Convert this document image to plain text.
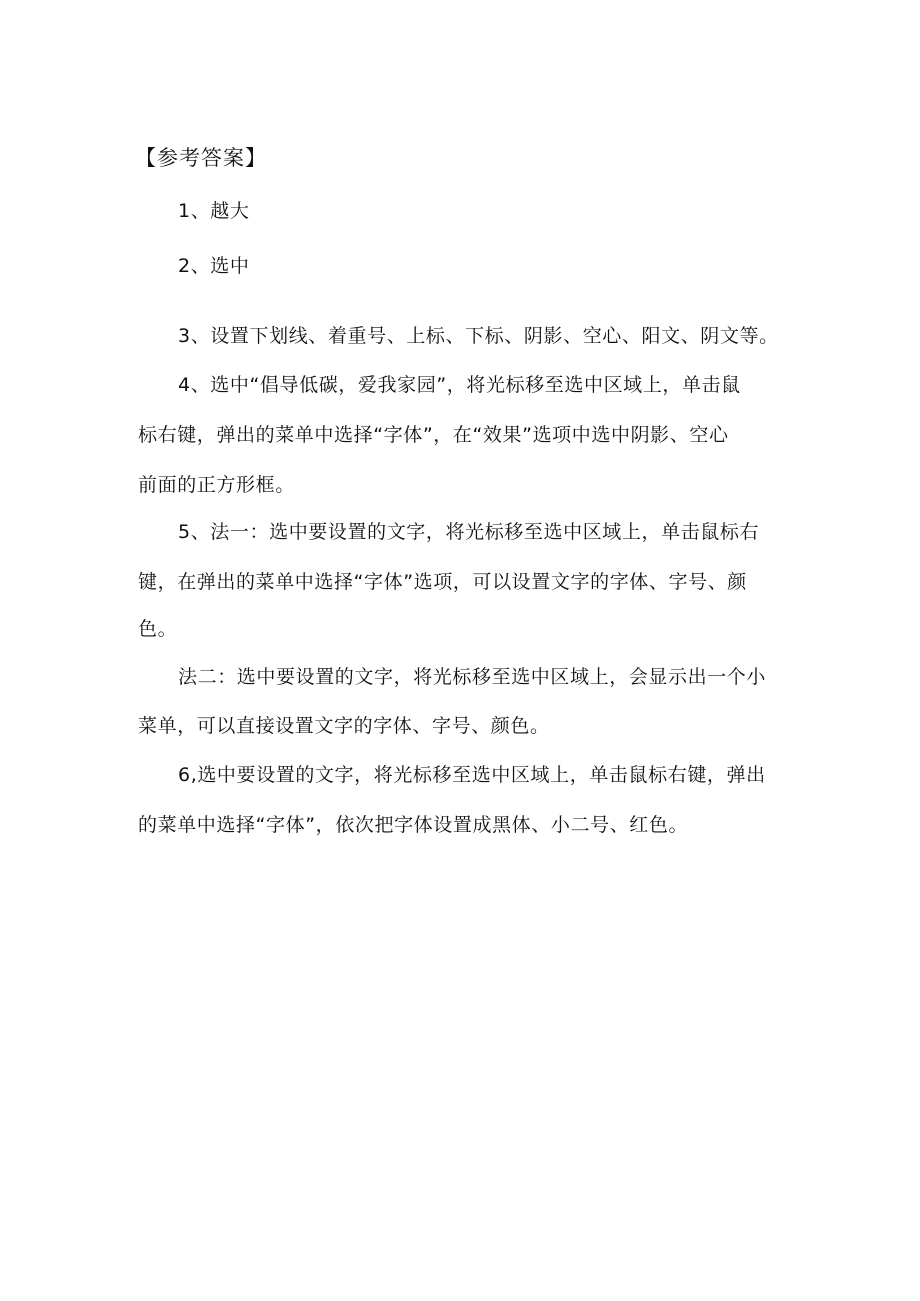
【参考答案】
1、越大
2、选中
3、设置下划线、着重号、上标、下标、阴影、空心、阳文、阴文等。
4、选中“倡导低碳，爱我家园”，将光标移至选中区域上，单击鼠
标右键，弹出的菜单中选择“字体”，在“效果”选项中选中阴影、空心
前面的正方形框。
5、法一：选中要设置的文字，将光标移至选中区域上，单击鼠标右
键，在弹出的菜单中选择“字体”选项，可以设置文字的字体、字号、颜
色。
法二：选中要设置的文字，将光标移至选中区域上，会显示出一个小
菜单，可以直接设置文字的字体、字号、颜色。
6,选中要设置的文字，将光标移至选中区域上，单击鼠标右键，弹出
的菜单中选择“字体”，依次把字体设置成黑体、小二号、红色。
